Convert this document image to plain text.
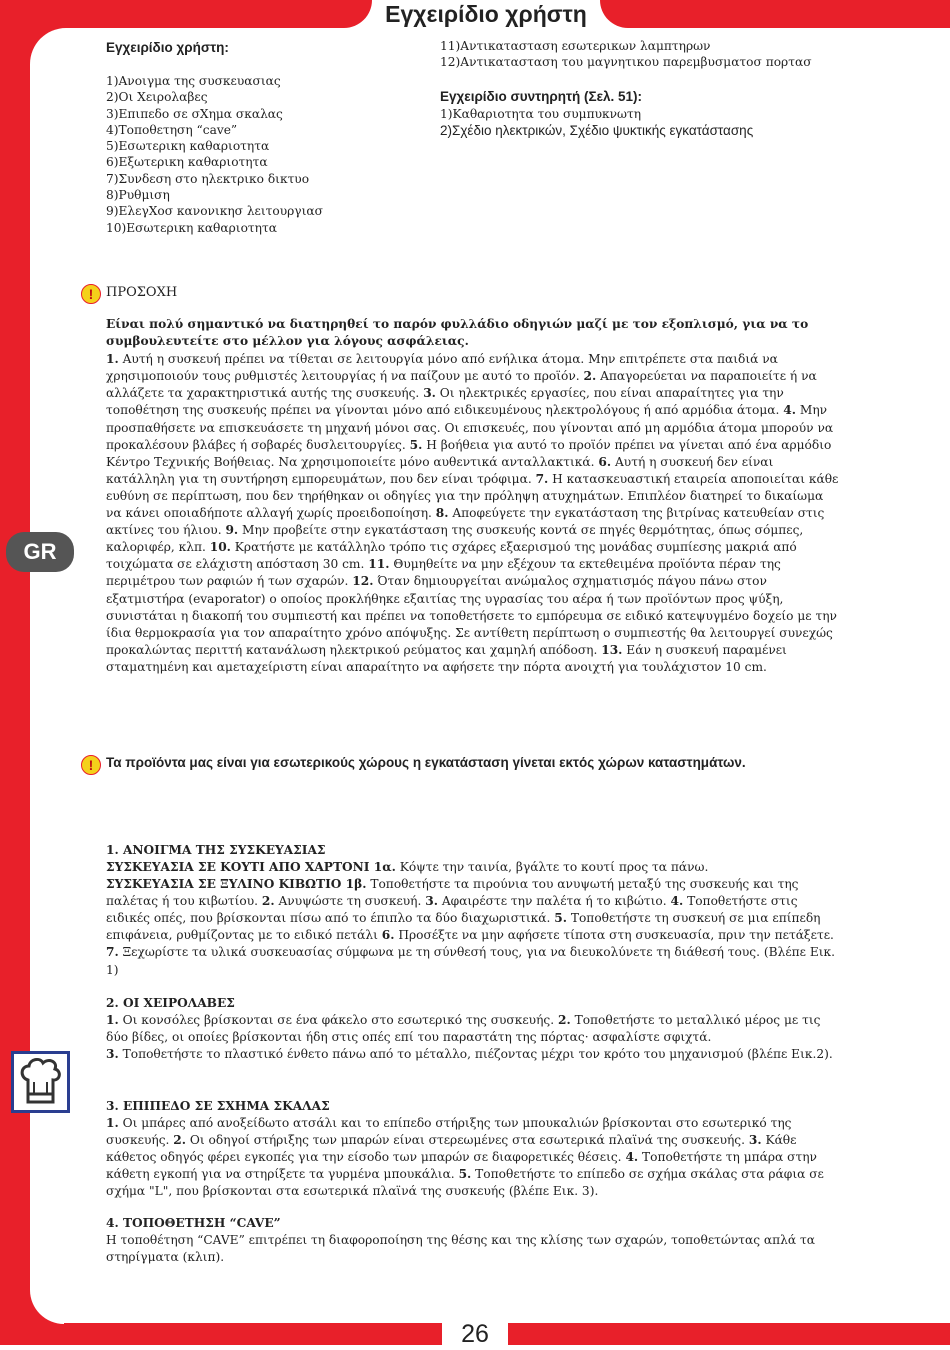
Εγχειρίδιο χρήστη
GR
Εγχειρίδιο χρήστη:
1)Ανοιγμα της συσκευασιας
2)Οι Χειρολαβες
3)Επιπεδο σε σΧημα σκαλας
4)Τοποθετηση “cave”
5)Εσωτερικη καθαριοτητα
6)Εξωτερικη καθαριοτητα
7)Συνδεση στο ηλεκτρικο δικτυο
8)Ρυθμιση
9)ΕλεγΧοσ κανονικησ λειτουργιασ
10)Εσωτερικη καθαριοτητα
11)Αντικατασταση εσωτερικων λαμπτηρων
12)Αντικατασταση του μαγνητικου παρεμβυσματοσ πορτασ
Εγχειρίδιο συντηρητή (Σελ. 51):
1)Καθαριοτητα του συμπυκνωτη
2)Σχέδιο ηλεκτρικών, Σχέδιο ψυκτικής εγκατάστασης
! ΠΡΟΣΟΧΗ
Είναι πολύ σημαντικό να διατηρηθεί το παρόν φυλλάδιο οδηγιών μαζί με τον εξοπλισμό, για να το συμβουλευτείτε στο μέλλον για λόγους ασφάλειας.
1. Αυτή η συσκευή πρέπει να τίθεται σε λειτουργία μόνο από ενήλικα άτομα. Μην επιτρέπετε στα παιδιά να χρησιμοποιούν τους ρυθμιστές λειτουργίας ή να παίζουν με αυτό το προϊόν. 2. Απαγορεύεται να παραποιείτε ή να αλλάζετε τα χαρακτηριστικά αυτής της συσκευής. 3. Οι ηλεκτρικές εργασίες, που είναι απαραίτητες για την τοποθέτηση της συσκευής πρέπει να γίνονται μόνο από ειδικευμένους ηλεκτρολόγους ή από αρμόδια άτομα. 4. Μην προσπαθήσετε να επισκευάσετε τη μηχανή μόνοι σας. Οι επισκευές, που γίνονται από μη αρμόδια άτομα μπορούν να προκαλέσουν βλάβες ή σοβαρές δυσλειτουργίες. 5. Η βοήθεια για αυτό το προϊόν πρέπει να γίνεται από ένα αρμόδιο Κέντρο Τεχνικής Βοήθειας. Να χρησιμοποιείτε μόνο αυθεντικά ανταλλακτικά. 6. Αυτή η συσκευή δεν είναι κατάλληλη για τη συντήρηση εμπορευμάτων, που δεν είναι τρόφιμα. 7. Η κατασκευαστική εταιρεία αποποιείται κάθε ευθύνη σε περίπτωση, που δεν τηρήθηκαν οι οδηγίες για την πρόληψη ατυχημάτων. Επιπλέον διατηρεί το δικαίωμα να κάνει οποιαδήποτε αλλαγή χωρίς προειδοποίηση. 8. Αποφεύγετε την εγκατάσταση της βιτρίνας κατευθείαν στις ακτίνες του ήλιου. 9. Μην προβείτε στην εγκατάσταση της συσκευής κοντά σε πηγές θερμότητας, όπως σόμπες, καλοριφέρ, κλπ. 10. Κρατήστε με κατάλληλο τρόπο τις σχάρες εξαερισμού της μονάδας συμπίεσης μακριά από τοιχώματα σε ελάχιστη απόσταση 30 cm. 11. Θυμηθείτε να μην εξέχουν τα εκτεθειμένα προϊόντα πέραν της περιμέτρου των ραφιών ή των σχαρών. 12. Όταν δημιουργείται ανώμαλος σχηματισμός πάγου πάνω στον εξατμιστήρα (evaporator) ο οποίος προκλήθηκε εξαιτίας της υγρασίας του αέρα ή των προϊόντων προς ψύξη, συνιστάται η διακοπή του συμπιεστή και πρέπει να τοποθετήσετε το εμπόρευμα σε ειδικό κατεψυγμένο δοχείο με την ίδια θερμοκρασία για τον απαραίτητο χρόνο απόψυξης. Σε αντίθετη περίπτωση ο συμπιεστής θα λειτουργεί συνεχώς προκαλώντας περιττή κατανάλωση ηλεκτρικού ρεύματος και χαμηλή απόδοση. 13. Εάν η συσκευή παραμένει σταματημένη και αμεταχείριστη είναι απαραίτητο να αφήσετε την πόρτα ανοιχτή για τουλάχιστον 10 cm.
! Τα προϊόντα μας είναι για εσωτερικούς χώρους η εγκατάσταση γίνεται εκτός χώρων καταστημάτων.
1. ΑΝΟΙΓΜΑ ΤΗΣ ΣΥΣΚΕΥΑΣΙΑΣ
ΣΥΣΚΕΥΑΣΙΑ ΣΕ ΚΟΥΤΙ ΑΠΟ ΧΑΡΤΟΝΙ 1α. Κόψτε την ταινία, βγάλτε το κουτί προς τα πάνω.
ΣΥΣΚΕΥΑΣΙΑ ΣΕ ΞΥΛΙΝΟ ΚΙΒΩΤΙΟ 1β. Τοποθετήστε τα πιρούνια του ανυψωτή μεταξύ της συσκευής και της παλέτας ή του κιβωτίου. 2. Ανυψώστε τη συσκευή. 3. Αφαιρέστε την παλέτα ή το κιβώτιο. 4. Τοποθετήστε στις ειδικές οπές, που βρίσκονται πίσω από το έπιπλο τα δύο διαχωριστικά. 5. Τοποθετήστε τη συσκευή σε μια επίπεδη επιφάνεια, ρυθμίζοντας με το ειδικό πετάλι 6. Προσέξτε να μην αφήσετε τίποτα στη συσκευασία, πριν την πετάξετε. 7. Ξεχωρίστε τα υλικά συσκευασίας σύμφωνα με τη σύνθεσή τους, για να διευκολύνετε τη διάθεσή τους. (Βλέπε Εικ. 1)
2. ΟΙ ΧΕΙΡΟΛΑΒΕΣ
1. Οι κονσόλες βρίσκονται σε ένα φάκελο στο εσωτερικό της συσκευής. 2. Τοποθετήστε το μεταλλικό μέρος με τις δύο βίδες, οι οποίες βρίσκονται ήδη στις οπές επί του παραστάτη της πόρτας· ασφαλίστε σφιχτά.
3. Τοποθετήστε το πλαστικό ένθετο πάνω από το μέταλλο, πιέζοντας μέχρι τον κρότο του μηχανισμού (βλέπε Εικ.2).
3. ΕΠΙΠΕΔΟ ΣΕ ΣΧΗΜΑ ΣΚΑΛΑΣ
1. Οι μπάρες από ανοξείδωτο ατσάλι και το επίπεδο στήριξης των μπουκαλιών βρίσκονται στο εσωτερικό της συσκευής. 2. Οι οδηγοί στήριξης των μπαρών είναι στερεωμένες στα εσωτερικά πλαϊνά της συσκευής. 3. Κάθε κάθετος οδηγός φέρει εγκοπές για την είσοδο των μπαρών σε διαφορετικές θέσεις. 4. Τοποθετήστε τη μπάρα στην κάθετη εγκοπή για να στηρίξετε τα γυρμένα μπουκάλια. 5. Τοποθετήστε το επίπεδο σε σχήμα σκάλας στα ράφια σε σχήμα "L", που βρίσκονται στα εσωτερικά πλαϊνά της συσκευής (βλέπε Εικ. 3).
4. ΤΟΠΟΘΕΤΗΣΗ “CAVE”
Η τοποθέτηση “CAVE” επιτρέπει τη διαφοροποίηση της θέσης και της κλίσης των σχαρών, τοποθετώντας απλά τα στηρίγματα (κλιπ).
26
